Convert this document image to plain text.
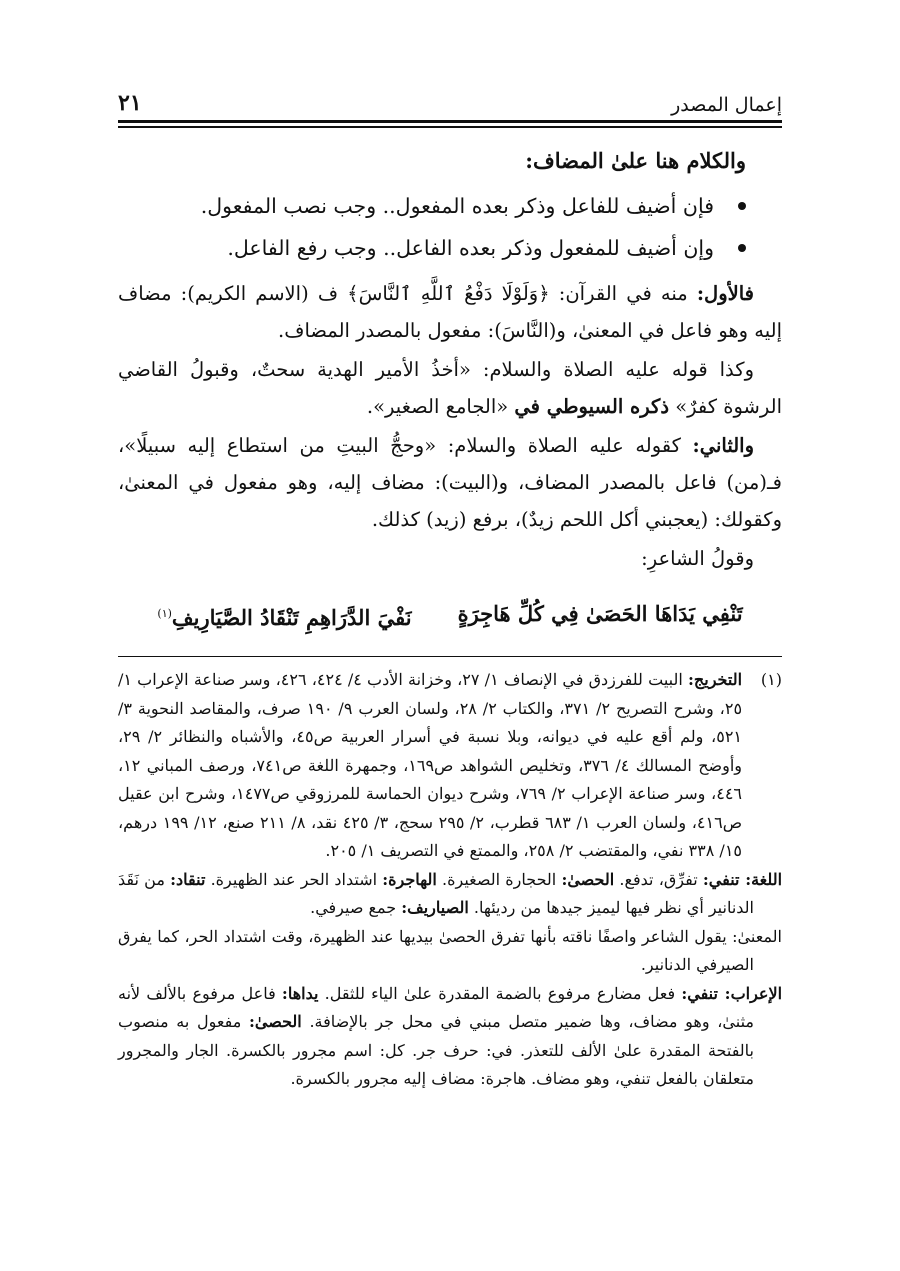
إعمال المصدر
٢١

والكلام هنا علىٰ المضاف:

فإن أضيف للفاعل وذكر بعده المفعول.. وجب نصب المفعول.
وإن أضيف للمفعول وذكر بعده الفاعل.. وجب رفع الفاعل.

فالأول: منه في القرآن: ﴿وَلَوْلَا دَفْعُ ٱللَّهِ ٱلنَّاسَ﴾ ف (الاسم الكريم): مضاف إليه وهو فاعل في المعنىٰ، و(النَّاسَ): مفعول بالمصدر المضاف.

وكذا قوله عليه الصلاة والسلام: «أخذُ الأمير الهدية سحتٌ، وقبولُ القاضي الرشوة كفرٌ» ذكره السيوطي في «الجامع الصغير».

والثاني: كقوله عليه الصلاة والسلام: «وحجُّ البيتِ من استطاع إليه سبيلًا»، فـ(من) فاعل بالمصدر المضاف، و(البيت): مضاف إليه، وهو مفعول في المعنىٰ، وكقولك: (يعجبني أكل اللحم زيدٌ)، برفع (زيد) كذلك.

وقولُ الشاعرِ:

تَنْفِي يَدَاهَا الحَصَىٰ فِي كُلِّ هَاجِرَةٍ
نَفْيَ الدَّرَاهِمِ تَنْقَادُ الصَّيَارِيفِ$^{(١)}$
(١)

التخريج: البيت للفرزدق في الإنصاف ١/ ٢٧، وخزانة الأدب ٤/ ٤٢٤، ٤٢٦، وسر صناعة الإعراب ١/ ٢٥، وشرح التصريح ٢/ ٣٧١، والكتاب ٢/ ٢٨، ولسان العرب ٩/ ١٩٠ صرف، والمقاصد النحوية ٣/ ٥٢١، ولم أقع عليه في ديوانه، وبلا نسبة في أسرار العربية ص٤٥، والأشباه والنظائر ٢/ ٢٩، وأوضح المسالك ٤/ ٣٧٦، وتخليص الشواهد ص١٦٩، وجمهرة اللغة ص٧٤١، ورصف المباني ١٢، ٤٤٦، وسر صناعة الإعراب ٢/ ٧٦٩، وشرح ديوان الحماسة للمرزوقي ص١٤٧٧، وشرح ابن عقيل ص٤١٦، ولسان العرب ١/ ٦٨٣ قطرب، ٢/ ٢٩٥ سحج، ٣/ ٤٢٥ نقد، ٨/ ٢١١ صنع، ١٢/ ١٩٩ درهم، ١٥/ ٣٣٨ نفي، والمقتضب ٢/ ٢٥٨، والممتع في التصريف ١/ ٢٠٥.

اللغة: تنفي: تفرِّق، تدفع. الحصىٰ: الحجارة الصغيرة. الهاجرة: اشتداد الحر عند الظهيرة. تنقاد: من نَقَدَ الدنانير أي نظر فيها ليميز جيدها من رديئها. الصياريف: جمع صيرفي.

المعنىٰ: يقول الشاعر واصفًا ناقته بأنها تفرق الحصىٰ بيديها عند الظهيرة، وقت اشتداد الحر، كما يفرق الصيرفي الدنانير.

الإعراب: تنفي: فعل مضارع مرفوع بالضمة المقدرة علىٰ الياء للثقل. يداها: فاعل مرفوع بالألف لأنه مثنىٰ، وهو مضاف، وها ضمير متصل مبني في محل جر بالإضافة. الحصىٰ: مفعول به منصوب بالفتحة المقدرة علىٰ الألف للتعذر. في: حرف جر. كل: اسم مجرور بالكسرة. الجار والمجرور متعلقان بالفعل تنفي، وهو مضاف. هاجرة: مضاف إليه مجرور بالكسرة.
